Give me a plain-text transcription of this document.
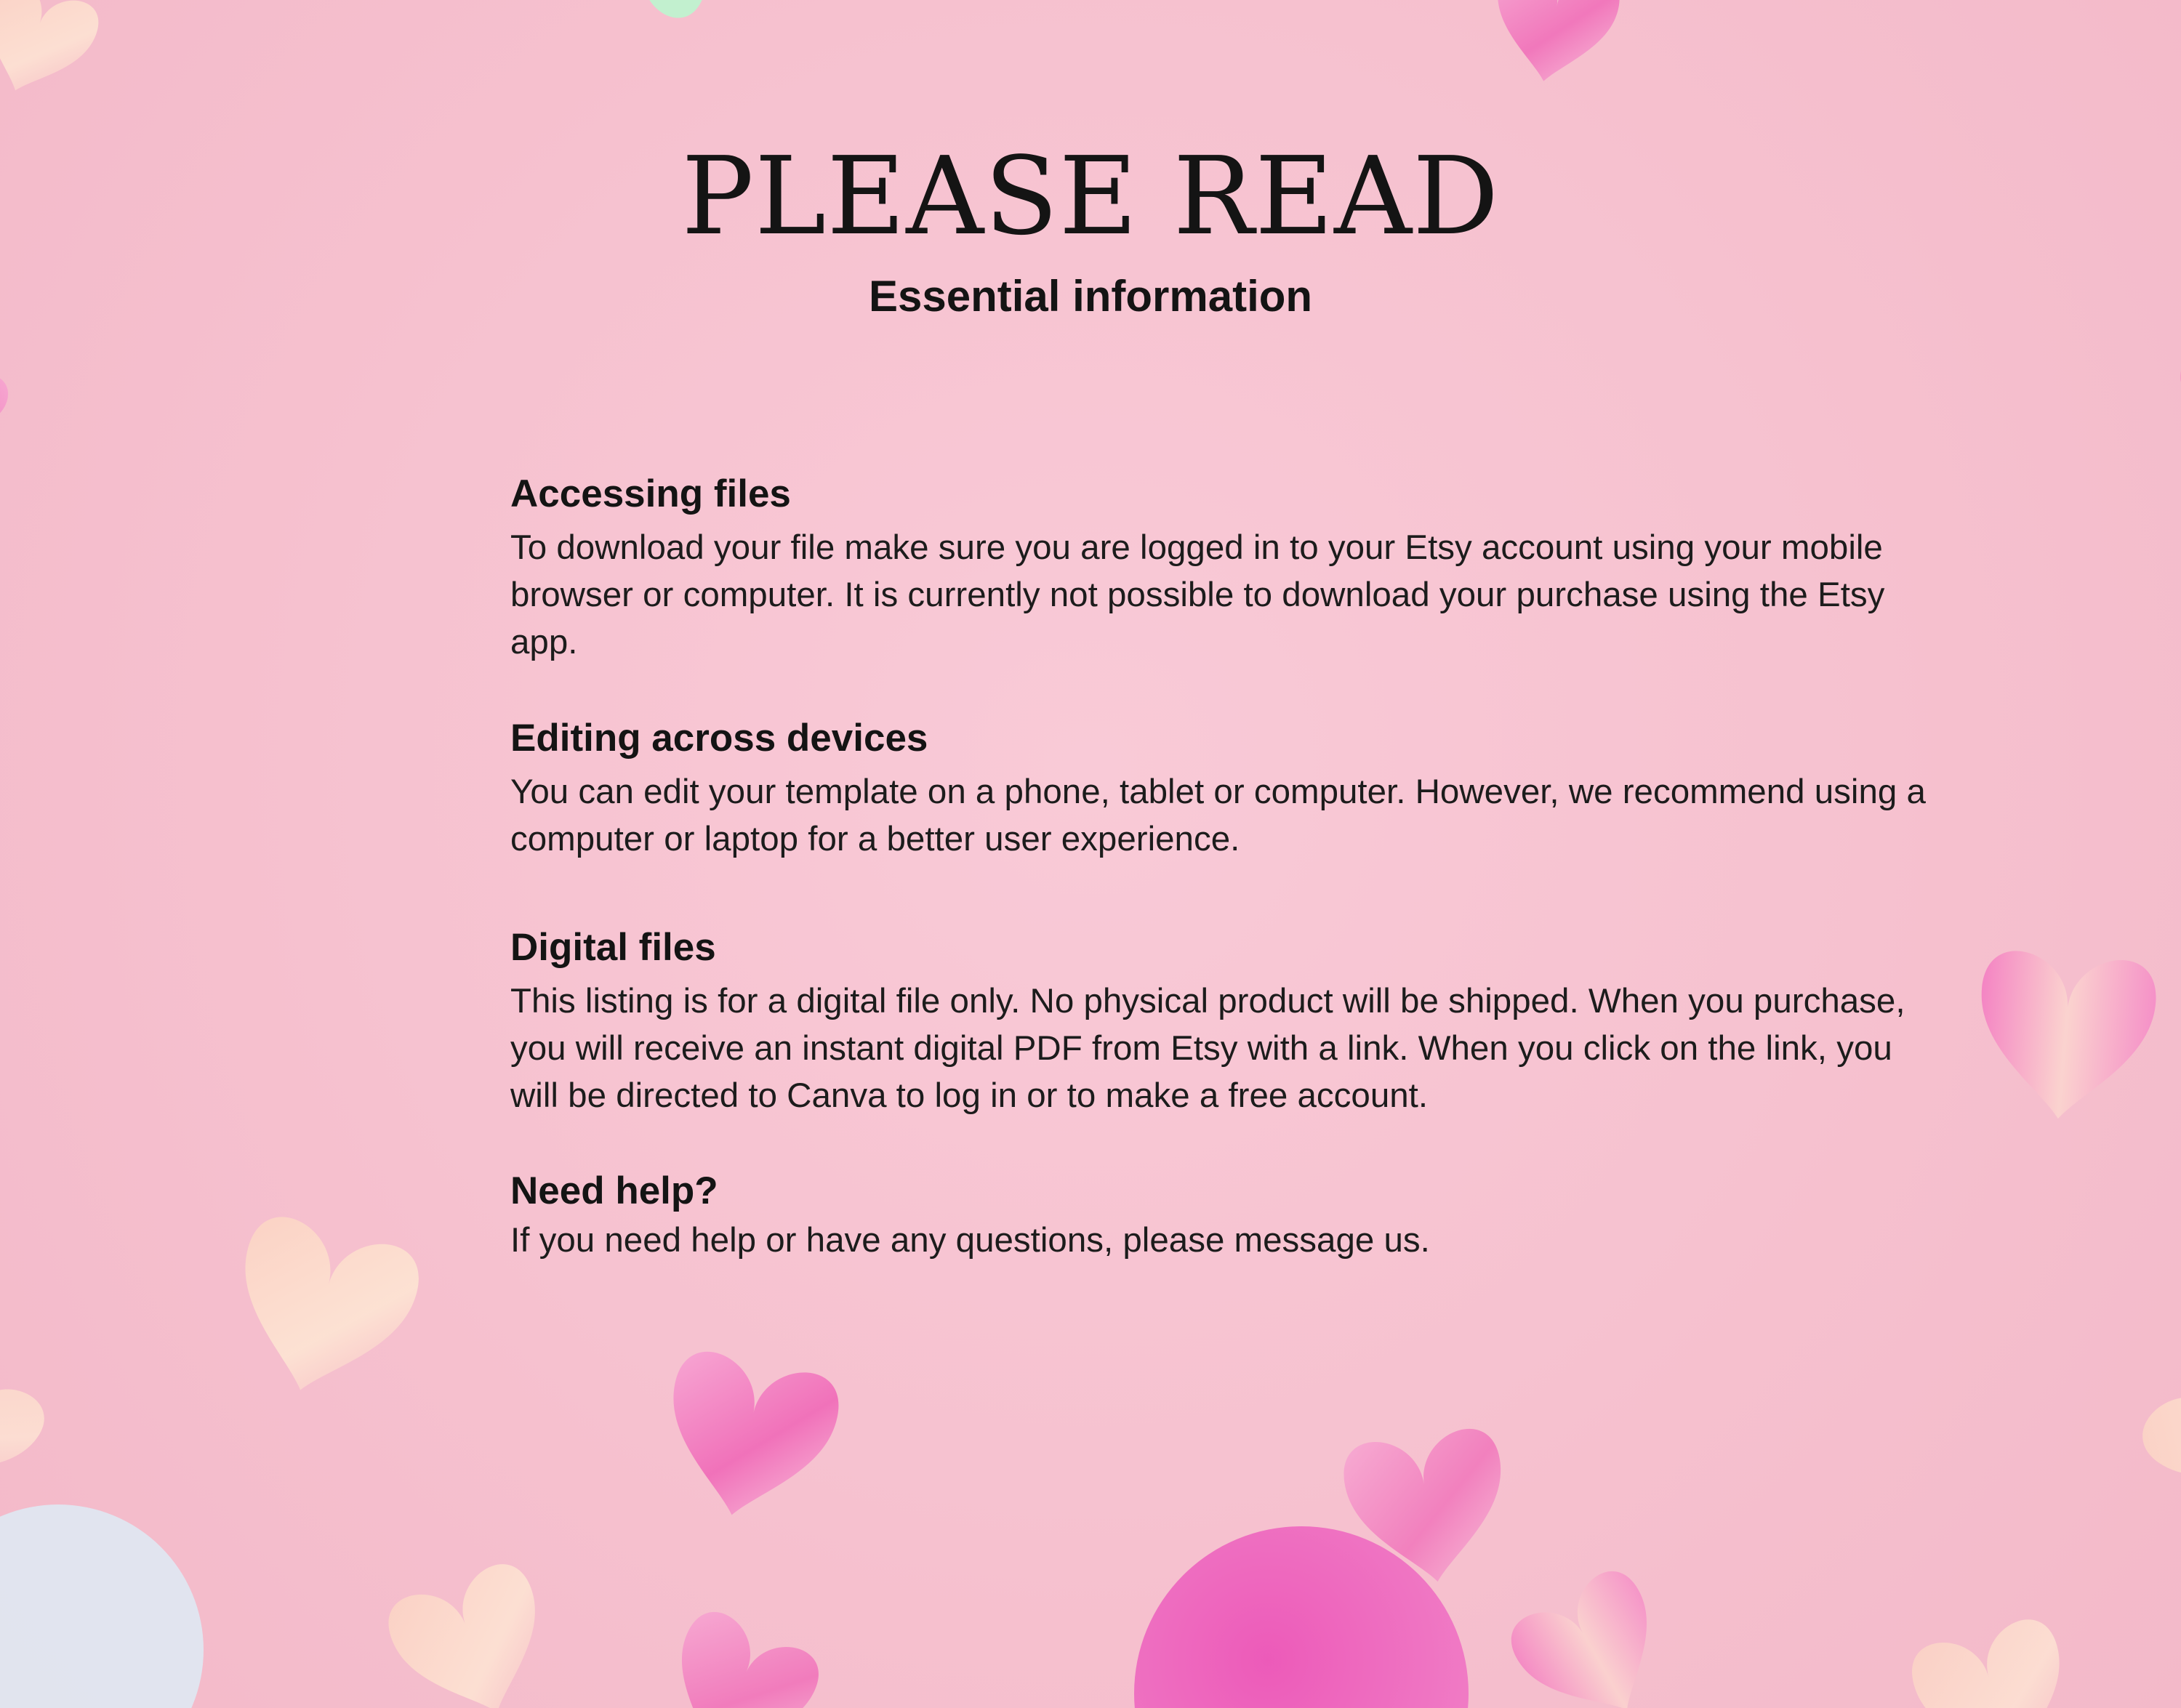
PLEASE READ
Essential information
Accessing files

To download your file make sure you are logged in to your Etsy account using your mobile browser or computer. It is currently not possible to download your purchase using the Etsy app.

Editing across devices

You can edit your template on a phone, tablet or computer. However, we recommend using a computer or laptop for a better user experience.

Digital files

This listing is for a digital file only. No physical product will be shipped. When you purchase, you will receive an instant digital PDF from Etsy with a link. When you click on the link, you will be directed to Canva to log in or to make a free account.

Need help?

If you need help or have any questions, please message us.
